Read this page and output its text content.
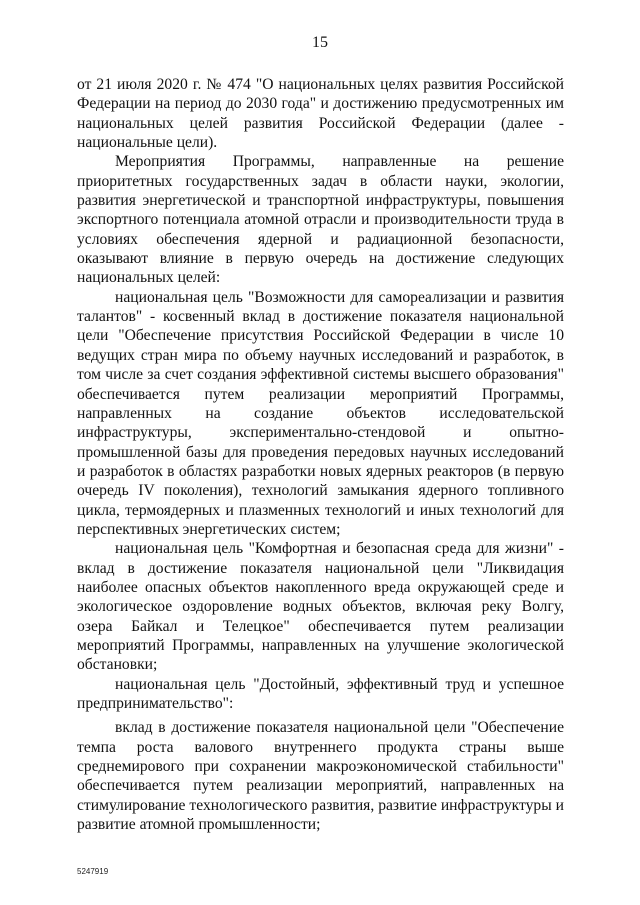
15

от 21 июля 2020 г. № 474 "О национальных целях развития Российской Федерации на период до 2030 года" и достижению предусмотренных им национальных целей развития Российской Федерации (далее - национальные цели).

Мероприятия Программы, направленные на решение приоритетных государственных задач в области науки, экологии, развития энергетической и транспортной инфраструктуры, повышения экспортного потенциала атомной отрасли и производительности труда в условиях обеспечения ядерной и радиационной безопасности, оказывают влияние в первую очередь на достижение следующих национальных целей:

национальная цель "Возможности для самореализации и развития талантов" - косвенный вклад в достижение показателя национальной цели "Обеспечение присутствия Российской Федерации в числе 10 ведущих стран мира по объему научных исследований и разработок, в том числе за счет создания эффективной системы высшего образования" обеспечивается путем реализации мероприятий Программы, направленных на создание объектов исследовательской инфраструктуры, экспериментально-стендовой и опытно-промышленной базы для проведения передовых научных исследований и разработок в областях разработки новых ядерных реакторов (в первую очередь IV поколения), технологий замыкания ядерного топливного цикла, термоядерных и плазменных технологий и иных технологий для перспективных энергетических систем;

национальная цель "Комфортная и безопасная среда для жизни" - вклад в достижение показателя национальной цели "Ликвидация наиболее опасных объектов накопленного вреда окружающей среде и экологическое оздоровление водных объектов, включая реку Волгу, озера Байкал и Телецкое" обеспечивается путем реализации мероприятий Программы, направленных на улучшение экологической обстановки;

национальная цель "Достойный, эффективный труд и успешное предпринимательство":

вклад в достижение показателя национальной цели "Обеспечение темпа роста валового внутреннего продукта страны выше среднемирового при сохранении макроэкономической стабильности" обеспечивается путем реализации мероприятий, направленных на стимулирование технологического развития, развитие инфраструктуры и развитие атомной промышленности;

5247919
